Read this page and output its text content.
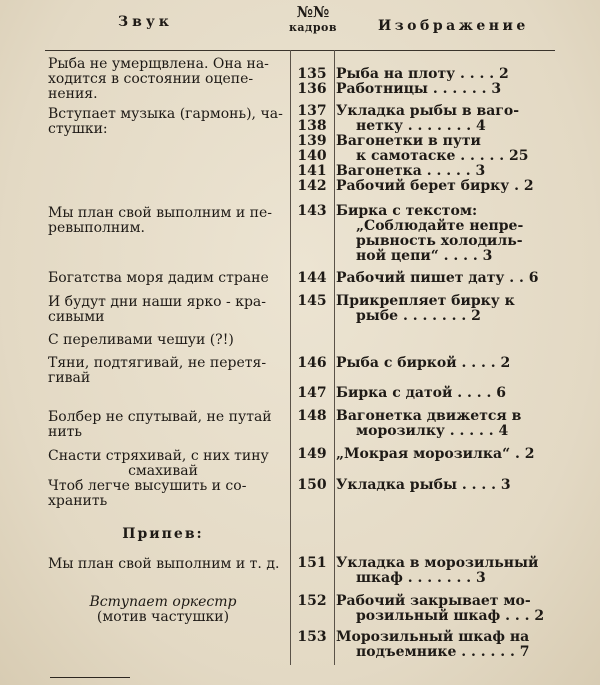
Звук
№№
кадров	Изображение
Рыба не умерщвлена. Она на-
ходится в состоянии оцепе-
нения.
Вступает музыка (гармонь), ча-
стушки:
Мы план свой выполним и пе-
ревыполним.
Богатства моря дадим стране
И будут дни наши ярко - кра-
сивыми
С переливами чешуи (?!)
Тяни, подтягивай, не перетя-
гивай
Болбер не спутывай, не путай
нить
Снасти стряхивай, с них тину
смахивай
Чтоб легче высушить и со-
хранить
Припев:
Мы план свой выполним и т. д.
Вступает оркестр
(мотив частушки)
135
136
137
138
139
140
141
142
143
144
145
146
147
148
149
150
151
152
153
Рыба на плоту . . . . 2
Работницы . . . . . . 3
Укладка рыбы в ваго-
нетку . . . . . . . 4
Вагонетки в пути
к самотаске . . . . . 25
Вагонетка . . . . . 3
Рабочий берет бирку . 2
Бирка с текстом:
„Соблюдайте непре-
рывность холодиль-
ной цепи“ . . . . 3
Рабочий пишет дату . . 6
Прикрепляет бирку к
рыбе . . . . . . . 2
Рыба с биркой . . . . 2
Бирка с датой . . . . 6
Вагонетка движется в
морозилку . . . . . 4
„Мокрая морозилка“ . 2
Укладка рыбы . . . . 3
Укладка в морозильный
шкаф . . . . . . . 3
Рабочий закрывает мо-
розильный шкаф . . . 2
Морозильный шкаф на
подъемнике . . . . . . 7
